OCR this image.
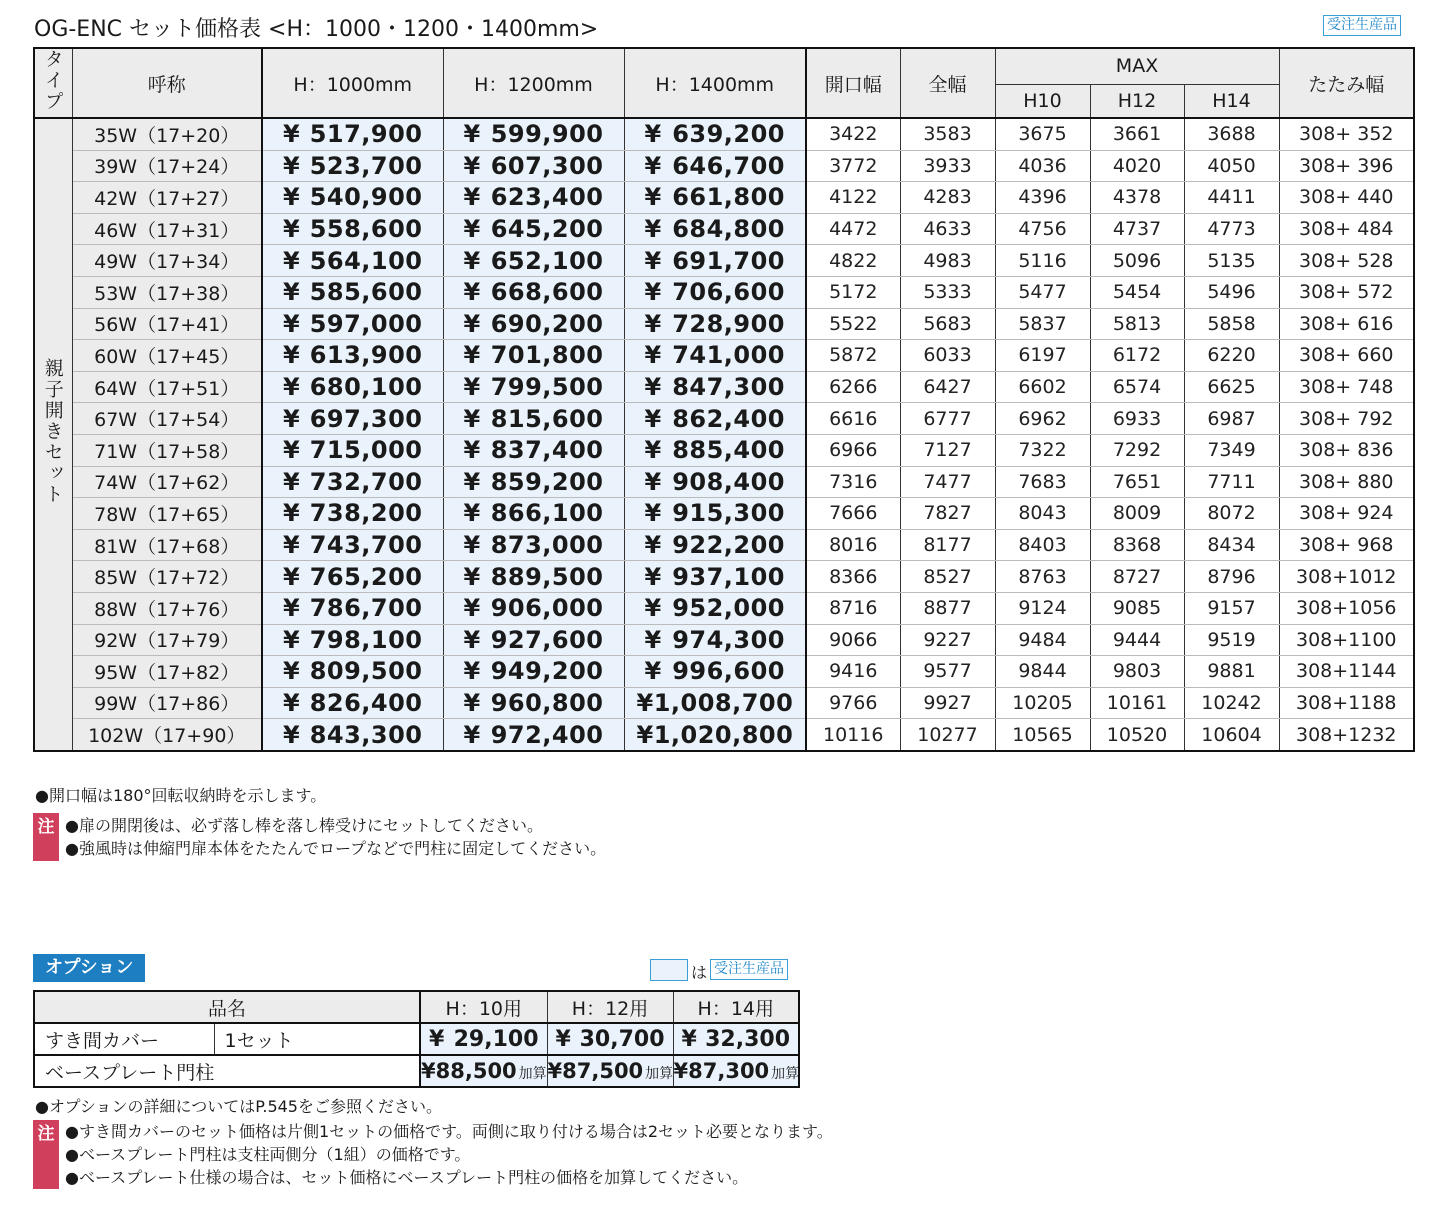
OG-ENC セット価格表 <H：1000・1200・1400mm>	受注生産品
タイプ	呼称	H：1000mm	H：1200mm	H：1400mm	開口幅	全幅	MAX			たたみ幅
							H10	H12	H14	
親子開きセット	35W（17+20）	¥ 517,900	¥ 599,900	¥ 639,200	3422	3583	3675	3661	3688	308+ 352
	39W（17+24）	¥ 523,700	¥ 607,300	¥ 646,700	3772	3933	4036	4020	4050	308+ 396
	42W（17+27）	¥ 540,900	¥ 623,400	¥ 661,800	4122	4283	4396	4378	4411	308+ 440
	46W（17+31）	¥ 558,600	¥ 645,200	¥ 684,800	4472	4633	4756	4737	4773	308+ 484
	49W（17+34）	¥ 564,100	¥ 652,100	¥ 691,700	4822	4983	5116	5096	5135	308+ 528
	53W（17+38）	¥ 585,600	¥ 668,600	¥ 706,600	5172	5333	5477	5454	5496	308+ 572
	56W（17+41）	¥ 597,000	¥ 690,200	¥ 728,900	5522	5683	5837	5813	5858	308+ 616
	60W（17+45）	¥ 613,900	¥ 701,800	¥ 741,000	5872	6033	6197	6172	6220	308+ 660
	64W（17+51）	¥ 680,100	¥ 799,500	¥ 847,300	6266	6427	6602	6574	6625	308+ 748
	67W（17+54）	¥ 697,300	¥ 815,600	¥ 862,400	6616	6777	6962	6933	6987	308+ 792
	71W（17+58）	¥ 715,000	¥ 837,400	¥ 885,400	6966	7127	7322	7292	7349	308+ 836
	74W（17+62）	¥ 732,700	¥ 859,200	¥ 908,400	7316	7477	7683	7651	7711	308+ 880
	78W（17+65）	¥ 738,200	¥ 866,100	¥ 915,300	7666	7827	8043	8009	8072	308+ 924
	81W（17+68）	¥ 743,700	¥ 873,000	¥ 922,200	8016	8177	8403	8368	8434	308+ 968
	85W（17+72）	¥ 765,200	¥ 889,500	¥ 937,100	8366	8527	8763	8727	8796	308+1012
	88W（17+76）	¥ 786,700	¥ 906,000	¥ 952,000	8716	8877	9124	9085	9157	308+1056
	92W（17+79）	¥ 798,100	¥ 927,600	¥ 974,300	9066	9227	9484	9444	9519	308+1100
	95W（17+82）	¥ 809,500	¥ 949,200	¥ 996,600	9416	9577	9844	9803	9881	308+1144
	99W（17+86）	¥ 826,400	¥ 960,800	¥1,008,700	9766	9927	10205	10161	10242	308+1188
	102W（17+90）	¥ 843,300	¥ 972,400	¥1,020,800	10116	10277	10565	10520	10604	308+1232
●開口幅は180°回転収納時を示します。
注 ●扉の開閉後は、必ず落し棒を落し棒受けにセットしてください。
●強風時は伸縮門扉本体をたたんでロープなどで門柱に固定してください。
オプション	は 受注生産品
品名		H：10用	H：12用	H：14用
すき間カバー	1セット	¥ 29,100	¥ 30,700	¥ 32,300

ベースプレート門柱		¥88,500 加算	¥87,500 加算	¥87,300 加算
●オプションの詳細についてはP.545をご参照ください。
注 ●すき間カバーのセット価格は片側1セットの価格です。両側に取り付ける場合は2セット必要となります。
●ベースプレート門柱は支柱両側分（1組）の価格です。
●ベースプレート仕様の場合は、セット価格にベースプレート門柱の価格を加算してください。
